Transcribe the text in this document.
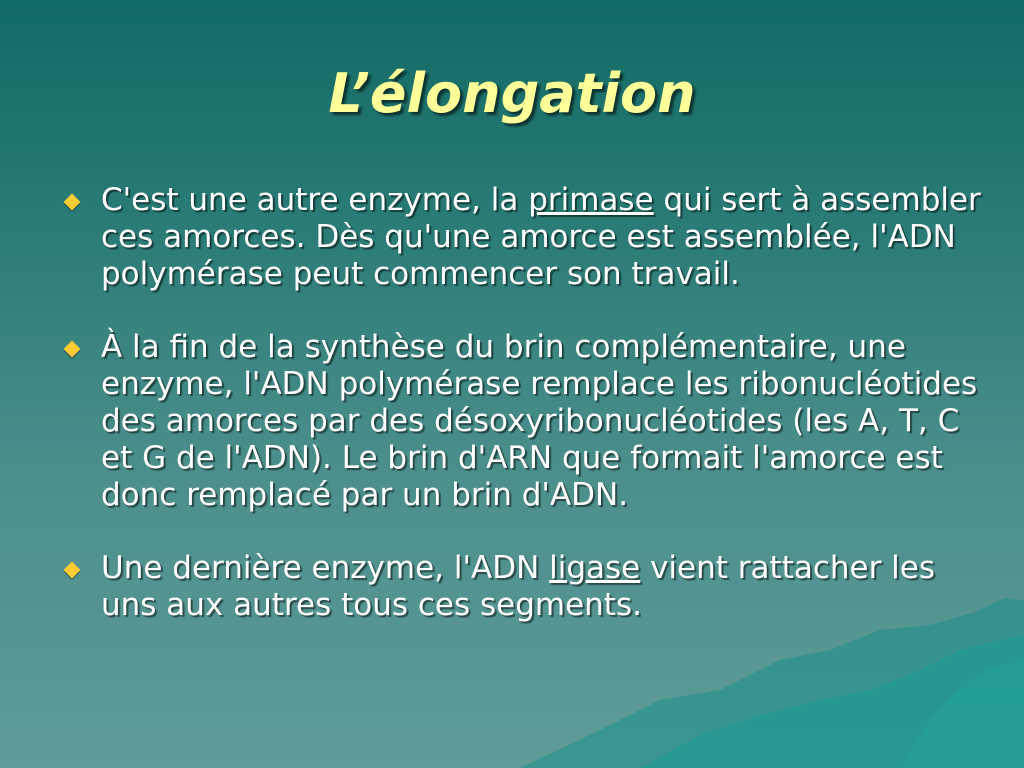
L’élongation
C'est une autre enzyme, la primase qui sert à assembler ces amorces. Dès qu'une amorce est assemblée, l'ADN polymérase peut commencer son travail.
À la fin de la synthèse du brin complémentaire, une enzyme, l'ADN polymérase remplace les ribonucléotides des amorces par des désoxyribonucléotides (les A, T, C et G de l'ADN). Le brin d'ARN que formait l'amorce est donc remplacé par un brin d'ADN.
Une dernière enzyme, l'ADN ligase vient rattacher les uns aux autres tous ces segments.
